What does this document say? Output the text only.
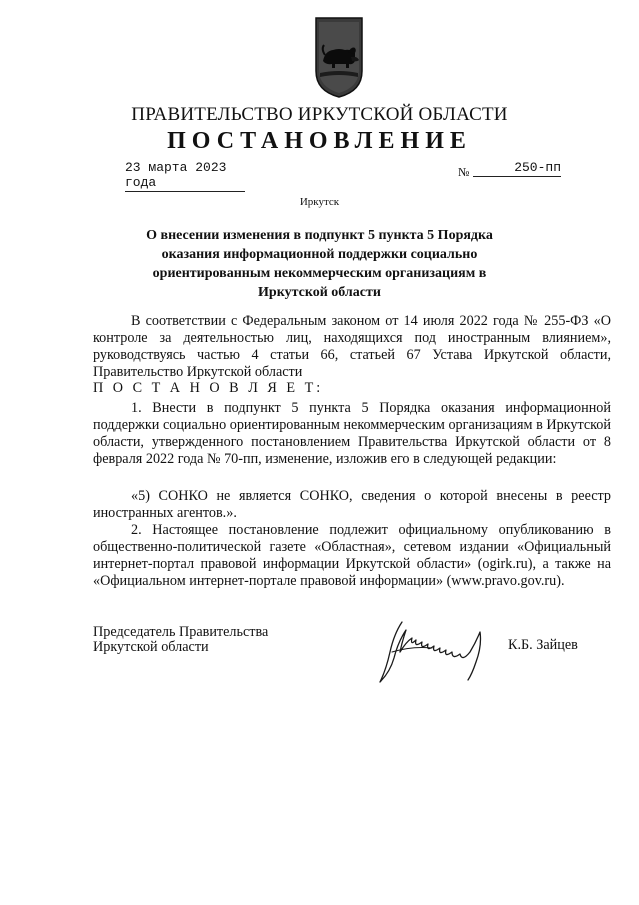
ПРАВИТЕЛЬСТВО ИРКУТСКОЙ ОБЛАСТИ
ПОСТАНОВЛЕНИЕ
23 марта 2023 года
№	250-пп
Иркутск
О внесении изменения в подпункт 5 пункта 5 Порядка оказания информационной поддержки социально ориентированным некоммерческим организациям в Иркутской области
В соответствии с Федеральным законом от 14 июля 2022 года № 255-ФЗ «О контроле за деятельностью лиц, находящихся под иностранным влиянием», руководствуясь частью 4 статьи 66, статьей 67 Устава Иркутской области, Правительство Иркутской области
П О С Т А Н О В Л Я Е Т:
1. Внести в подпункт 5 пункта 5 Порядка оказания информационной поддержки социально ориентированным некоммерческим организациям в Иркутской области, утвержденного постановлением Правительства Иркутской области от 8 февраля 2022 года № 70-пп, изменение, изложив его в следующей редакции:
«5) СОНКО не является СОНКО, сведения о которой внесены в реестр иностранных агентов.».
2. Настоящее постановление подлежит официальному опубликованию в общественно-политической газете «Областная», сетевом издании «Официальный интернет-портал правовой информации Иркутской области» (ogirk.ru), а также на «Официальном интернет-портале правовой информации» (www.pravo.gov.ru).
Председатель Правительства
Иркутской области	К.Б. Зайцев
